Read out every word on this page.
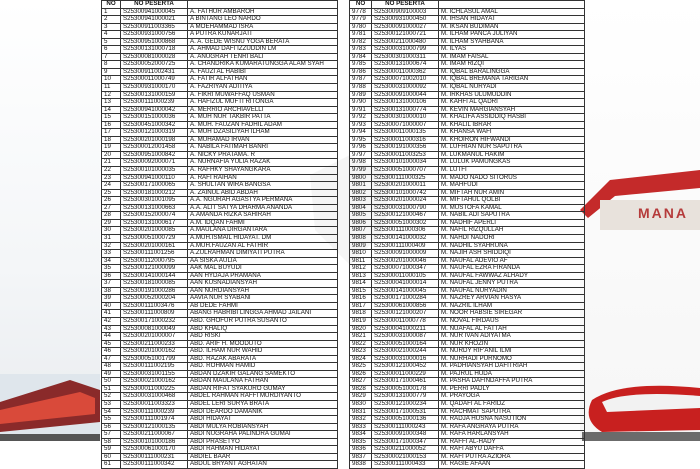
MANA
NO	NO PESERTA	
1	S25300941000045	A. FATHUR AMBAROH
2	S25300941000021	A BINTANG LEO NARDO
3	S25300911003365	A MOEHAMMAD ISRA
4	S25300931000756	A PUTRA KUNARJATI
5	S25300951000868	A. A. GEDE WISNU YOGA BERATA
6	S25300131000718	A. AHMAD DAFI IZZUDDIN LM
7	S25300081000028	A. ANUGRAH TENRI BALI
8	S25300052000725	A. CHANDRIKA KUMARATUNGGA ALAM SYAH
9	S25300911002431	A. FAUZI AL HABIBI
10	S25300011000749	A. FATIR ALFATHAN
11	S25300931000170	A. FAZRIYAN ADITIYA
12	S25300131000159	A. FIKRI MUWAFFAQ USMAN
13	S25300111000239	A. HAFIZUL MUFTI RITONGA
14	S25300941000042	A. MERRIO ARCHIAVELLI
15	S25300151000036	A. MUH NUR TAKBIR PATTA
16	S25300451000342	A. MUH. FAUZAN FADHIL ADAM
17	S25300121000319	A. MUH DZASILIYAH ILHAM
18	S25300201000198	A. MUHAMAD IRVAN
19	S25300012001458	A. NABILA FATIMAH BANRI
20	S25300951000842	A. NICKY PRATAMA. R
21	S25300092000071	A. NURNAFIA YULIA RAZAK
22	S25300101000035	A. RAFHKY SHAYANGKARA
23	S25300941000110	A. RAFI RAIHAN
24	S25300171000065	A. SHULTAN WIRA BANGSA
25	S25300181000212	A. ZAINUL ABID ABDAH
26	S25300301001095	A.A. NGURAH AGASTYA PERMANA
27	S25300131000663	A.A. ALIT SATYA DHARMA ANANDA
28	S25300152000074	A.AMANDA RIZKA SAHIRAH
29	S25300131000617	A.M. IDQAN FAHMI
30	S25300201000085	A.MAULANA DIRGANTARA
31	S25300051000729	A.MUH.ISMAIL HIDAYAT. DM
32	S25300201000161	A.MUH.FAUZAN AL FATHIR
33	S25300111001256	A.ZULRAHMAN DIMIYATI PUTRA
34	S25300112000795	AA SISKA AULIA
35	S25300121000099	AAK MAL BUYUDI
36	S25300141000144	AAN HYDAJA PRAMANA
37	S25300181000085	AAN KUSNADIANSYAH
38	S25300191000286	AAN NURDIANSYAH
39	S25300052000204	AAVIA NUR SYABANI
40	S25300111003476	AB DEDE FAHMI
41	S25300111000809	ABANG HABRIBI LINGGA AHMAD JAILANI
42	S25300171000232	ABD. GHOFUR PUTRA SUSANTO
43	S25300081000049	ABD KHALIQ
44	S25300201000007	ABD RISKI
45	S25300211000233	ABD. ARIF H. MOODUTO
46	S25300201000162	ABD. ILHAM NUR WAHID
47	S25300051001799	ABD. RAZAK ABARATA
48	S25300111002195	ABD. ROHMAN HAMID
49	S25300031001155	ABDAN DZAKIR GALANG SAMEKTO
50	S25300021000162	ABDAN MAULANA FATHAN
51	S25300011000225	ABDAN RIFAT SYAKURO GUMAY
52	S25300031000468	ABDEL RAHMAN RAFFI MURDIYANTO
53	S25300011003323	ABDEL LERI SURYA BRATA
54	S25300111000239	ABDI DEARDO DAMANIK
55	S25300111001974	ABDI HIDAYAT
56	S25300121000135	ABDI MULYA ROBIANSYAH
57	S25300211000067	ABDI NUGRAHA PALINDRA GUMAI
58	S25300101000186	ABDI PRASETYO
59	S25300061000170	ABDI RAHMAN HIDAYAT
60	S25300111000231	ABDIEL BAAR
61	S25300111000342	ABDUL BRYANT AGHATAN
NO	NO PESERTA	
9778	S25300909100003	M. ICHLASUL AMAL
9779	S25300931000450	M. IHSAN HIDAYAT
9780	S25300091000027	M. IKSAN BUDIMAN
9781	S25300121000721	M. ILHAM PANCA JULIYAN
9782	S25300211000480	M. ILHAM SYAHBANA
9783	S25300031000799	M. ILYAS
9784	S25300301000311	M. IMAM FAISAL
9785	S25300131000674	M. IMAM RIZQI
9786	S25300011000362	M. IQBAL BARALINGGA
9787	S25300071002010	M. IQBAL BREMANA TARIGAN
9788	S25300031000092	M. IQBAL NURYADI
9789	S25300091000044	M. IRKHAS ULUMUDDIN
9790	S25300131000106	M. KAHFI AL QADRI
9791	S25300131000774	M. KEVIN MARGIANSYAH
9792	S25300301000010	M. KHALIFA ASSIDDIQ HASBI
9793	S25300071000007	M. KHALIL IBRAR
9794	S25300011000135	M. KHANSA WAFI
9795	S25300011000316	M. KHOIRON HIFWANDI
9796	S25300191000356	M. LUFHIAN NUR SAPUTRA
9797	S25300011003253	M. LUKMANUL HAKIM
9798	S25300101000034	M. LULUK PAMUNGKAS
9799	S25300051000707	M. LUTFI
9800	S25300111000325	M. MADO NADO SITORUS
9801	S25300201000011	M. MAHFUDI
9802	S25300101000742	M. MIFTAH NUR AMIN
9803	S25300201000024	M. MIFTAHUL QOLBI
9804	S25300031000790	M. MUSTOFA KAMAL
9805	S25300121000467	M. NABIL ADI SAPUTRA
9806	S25300051000302	M. NADHIF APERLI
9807	S25300111000306	M. NAFIL RIZQULLAH
9808	S25300141000032	M. NAHDI NADORI
9809	S25300111000409	M. NADHIL SYAHRUNA
9810	S25300091000009	M. NAJIH ASH SHIDDIQI
9811	S25300201000046	M. NAUFAL ADEVIO AF
9812	S25300071000347	M. NAUFAL EZRA FIRANDA
9813	S25300011000105	M. NAUFAL FAWWAZ ALHADY
9814	S25300041000014	M. NAUFAL JENNY PUTRA
9815	S25300141000045	M. NAUFAL NURYADIN
9816	S25300171000284	M. NAZREY ARVIAN HASYA
9817	S25300061000856	M. NAZRIL ILHAM
9818	S25300121000207	M. NOOR HABSIE SIREGAR
9819	S25300011000778	M. NOVAL FIRDAUS
9820	S25300041000211	M. NUAFAL AL FATTAH
9821	S25300031000087	M. NUR IVAN ADIYATMA
9822	S25300051000164	M. NUR KHOZIN
9823	S25300021000244	M. NURDY RIF'ANIL ILMI
9824	S25300031000016	M. NURHADI PURNOMO
9825	S25300121000452	M. PADHIANSYAH DAFITRIAH
9826	S25300011000229	M. PAJRUL HUDA
9827	S25300171000461	M. PASHA DAFINDAFFA PUTRA
9828	S25300051000178	M. PERRI PADLY
9829	S25300131000779	M. PRAYOGA
9830	S25300121000234	M. QADAFI AL FARIDZ
9831	S25300171000531	M. RACHMAT SAPUTRA
9832	S25300051000136	M. RADJA HUSNA NASUTION
9833	S25300111000243	M. RAFA ANGRAYA PUTRA
9834	S25300091000348	M. RAFA HARLANSYAH
9835	S25300171000347	M. RAFFI AL-HADY
9836	S25300211000052	M. RAFI ABYU DAFFA
9837	S25300021000153	M. RAFI PUTRA AZIORA
9838	S25300111000433	M. RAGIE AFAAN
